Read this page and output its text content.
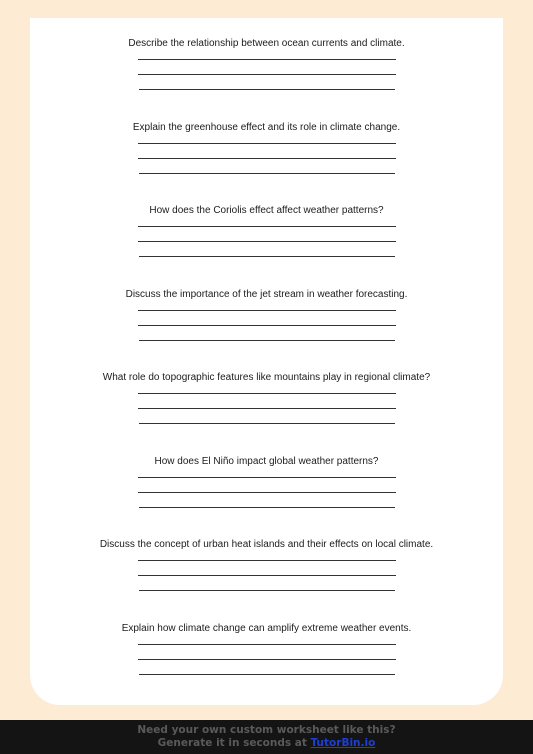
Describe the relationship between ocean currents and climate.
Explain the greenhouse effect and its role in climate change.
How does the Coriolis effect affect weather patterns?
Discuss the importance of the jet stream in weather forecasting.
What role do topographic features like mountains play in regional climate?
How does El Niño impact global weather patterns?
Discuss the concept of urban heat islands and their effects on local climate.
Explain how climate change can amplify extreme weather events.
Need your own custom worksheet like this?
Generate it in seconds at TutorBin.io
